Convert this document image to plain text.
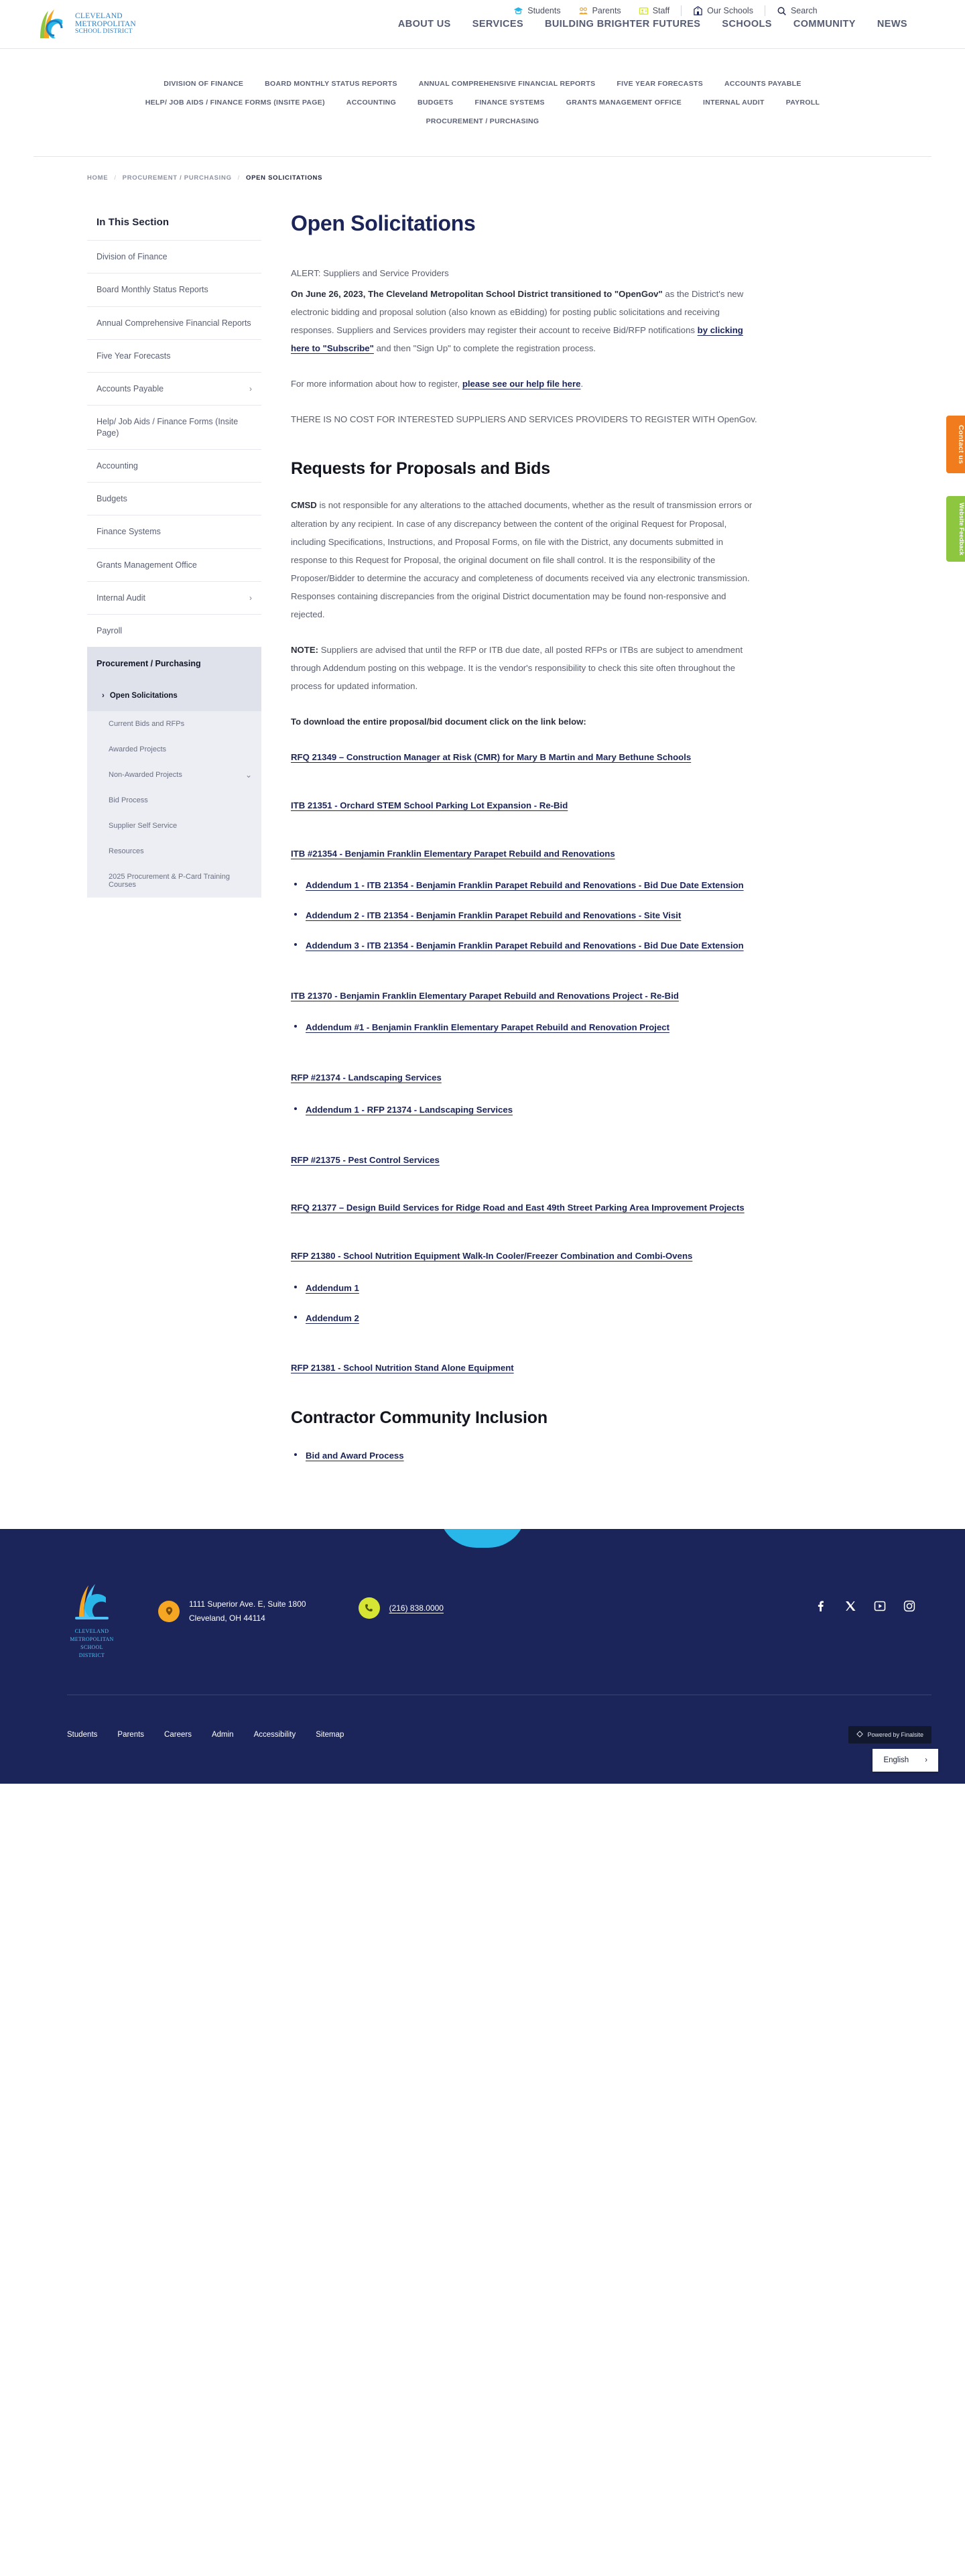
CLEVELAND
METROPOLITAN
SCHOOL DISTRICT
Students	Parents	Staff	Our Schools	Search
ABOUT US SERVICES BUILDING BRIGHTER FUTURES SCHOOLS COMMUNITY NEWS
DIVISION OF FINANCE	BOARD MONTHLY STATUS REPORTS	ANNUAL COMPREHENSIVE FINANCIAL REPORTS	FIVE YEAR FORECASTS	ACCOUNTS PAYABLE
HELP/ JOB AIDS / FINANCE FORMS (INSITE PAGE)	ACCOUNTING	BUDGETS	FINANCE SYSTEMS	GRANTS MANAGEMENT OFFICE	INTERNAL AUDIT	PAYROLL
PROCUREMENT / PURCHASING
HOME / PROCUREMENT / PURCHASING / OPEN SOLICITATIONS
In This Section
Division of Finance
Board Monthly Status Reports
Annual Comprehensive Financial Reports
Five Year Forecasts
Accounts Payable	›
Help/ Job Aids / Finance Forms (Insite Page)
Accounting
Budgets
Finance Systems
Grants Management Office
Internal Audit	›
Payroll
Procurement / Purchasing
› Open Solicitations
Current Bids and RFPs
Awarded Projects
Non-Awarded Projects	⌄
Bid Process
Supplier Self Service
Resources
2025 Procurement & P-Card Training Courses
Open Solicitations

ALERT: Suppliers and Service Providers

On June 26, 2023, The Cleveland Metropolitan School District transitioned to "OpenGov" as the District's new electronic bidding and proposal solution (also known as eBidding) for posting public solicitations and receiving responses. Suppliers and Services providers may register their account to receive Bid/RFP notifications by clicking here to "Subscribe" and then "Sign Up" to complete the registration process.

For more information about how to register, please see our help file here.

THERE IS NO COST FOR INTERESTED SUPPLIERS AND SERVICES PROVIDERS TO REGISTER WITH OpenGov.

Requests for Proposals and Bids

CMSD is not responsible for any alterations to the attached documents, whether as the result of transmission errors or alteration by any recipient. In case of any discrepancy between the content of the original Request for Proposal, including Specifications, Instructions, and Proposal Forms, on file with the District, any documents submitted in response to this Request for Proposal, the original document on file shall control. It is the responsibility of the Proposer/Bidder to determine the accuracy and completeness of documents received via any electronic transmission. Responses containing discrepancies from the original District documentation may be found non-responsive and rejected.

NOTE: Suppliers are advised that until the RFP or ITB due date, all posted RFPs or ITBs are subject to amendment through Addendum posting on this webpage. It is the vendor's responsibility to check this site often throughout the process for updated information.

To download the entire proposal/bid document click on the link below:

RFQ 21349 – Construction Manager at Risk (CMR) for Mary B Martin and Mary Bethune Schools
ITB 21351 - Orchard STEM School Parking Lot Expansion - Re-Bid
ITB #21354 - Benjamin Franklin Elementary Parapet Rebuild and Renovations
Addendum 1 - ITB 21354 - Benjamin Franklin Parapet Rebuild and Renovations - Bid Due Date Extension
Addendum 2 - ITB 21354 - Benjamin Franklin Parapet Rebuild and Renovations - Site Visit
Addendum 3 - ITB 21354 - Benjamin Franklin Parapet Rebuild and Renovations - Bid Due Date Extension
ITB 21370 - Benjamin Franklin Elementary Parapet Rebuild and Renovations Project - Re-Bid
Addendum #1 - Benjamin Franklin Elementary Parapet Rebuild and Renovation Project
RFP #21374 - Landscaping Services
Addendum 1 - RFP 21374 - Landscaping Services
RFP #21375 - Pest Control Services
RFQ 21377 – Design Build Services for Ridge Road and East 49th Street Parking Area Improvement Projects
RFP 21380 - School Nutrition Equipment Walk-In Cooler/Freezer Combination and Combi-Ovens
Addendum 1
Addendum 2
RFP 21381 - School Nutrition Stand Alone Equipment
Contractor Community Inclusion
Bid and Award Process
Contact us
Website Feedback
CLEVELAND
METROPOLITAN
SCHOOL DISTRICT
1111 Superior Ave. E, Suite 1800
Cleveland, OH 44114
(216) 838.0000
Students	Parents	Careers	Admin	Accessibility	Sitemap	Powered by Finalsite
English ›
